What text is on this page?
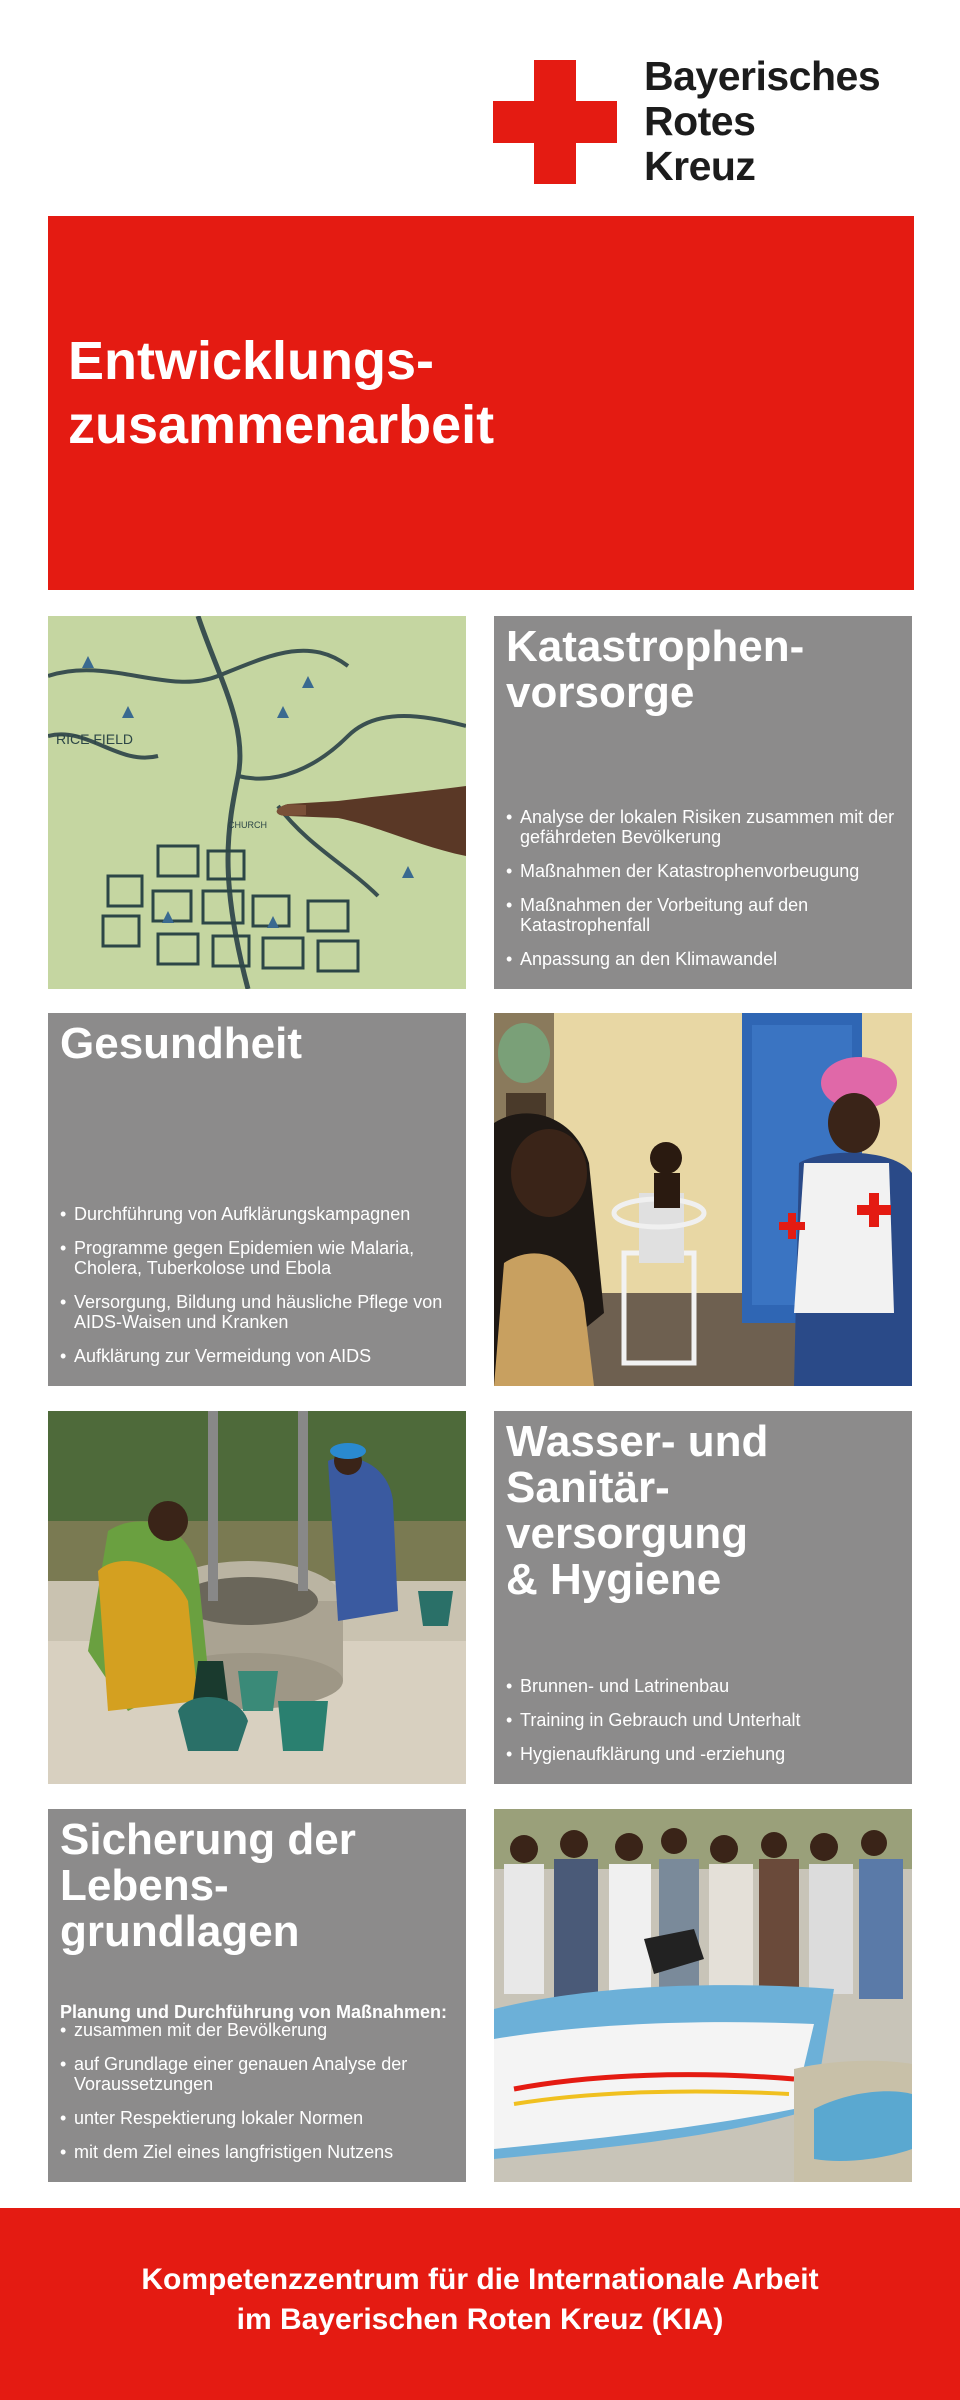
Bayerisches
Rotes
Kreuz
Entwicklungs-
zusammenarbeit
RICE FIELD
CHURCH
Katastrophen-
vorsorge
• Analyse der lokalen Risiken zusammen mit der gefährdeten Bevölkerung
• Maßnahmen der Katastrophenvorbeugung
• Maßnahmen der Vorbeitung auf den Katastrophenfall
• Anpassung an den Klimawandel
Gesundheit
• Durchführung von Aufklärungskampagnen
• Programme gegen Epidemien wie Malaria, Cholera, Tuberkolose und Ebola
• Versorgung, Bildung und häusliche Pflege von AIDS-Waisen und Kranken
• Aufklärung zur Vermeidung von AIDS
Wasser- und
Sanitär-
versorgung
& Hygiene
• Brunnen- und Latrinenbau
• Training in Gebrauch und Unterhalt
• Hygienaufklärung und -erziehung
Sicherung der
Lebens-
grundlagen
Planung und Durchführung von Maßnahmen:
• zusammen mit der Bevölkerung
• auf Grundlage einer genauen Analyse der Voraussetzungen
• unter Respektierung lokaler Normen
• mit dem Ziel eines langfristigen Nutzens
Kompetenzzentrum für die Internationale Arbeit
im Bayerischen Roten Kreuz (KIA)
